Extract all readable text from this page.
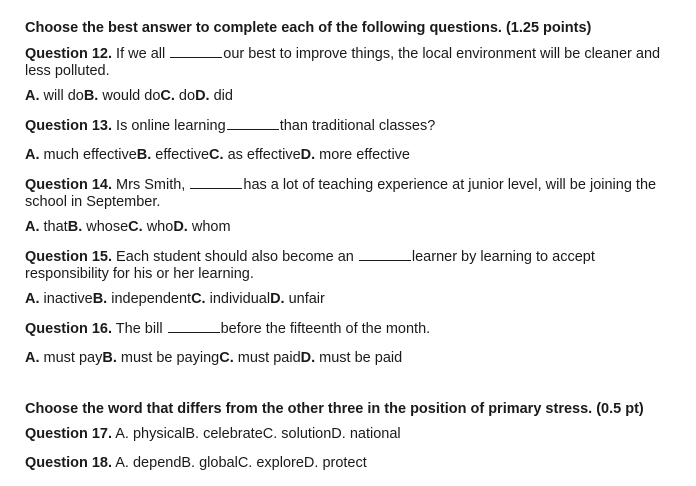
Choose the best answer to complete each of the following questions. (1.25 points)
Question 12. If we all	our best to improve things, the local environment will be cleaner and less polluted.
A. will doB. would doC. doD. did
Question 13. Is online learning	than traditional classes?
A. much effectiveB. effectiveC. as effectiveD. more effective
Question 14. Mrs Smith,	has a lot of teaching experience at junior level, will be joining the school in September.
A. thatB. whoseC. whoD. whom
Question 15. Each student should also become an	learner by learning to accept responsibility for his or her learning.
A. inactiveB. independentC. individualD. unfair
Question 16. The bill	before the fifteenth of the month.
A. must payB. must be payingC. must paidD. must be paid
Choose the word that differs from the other three in the position of primary stress. (0.5 pt)
Question 17. A. physicalB. celebrateC. solutionD. national
Question 18. A. dependB. globalC. exploreD. protect
